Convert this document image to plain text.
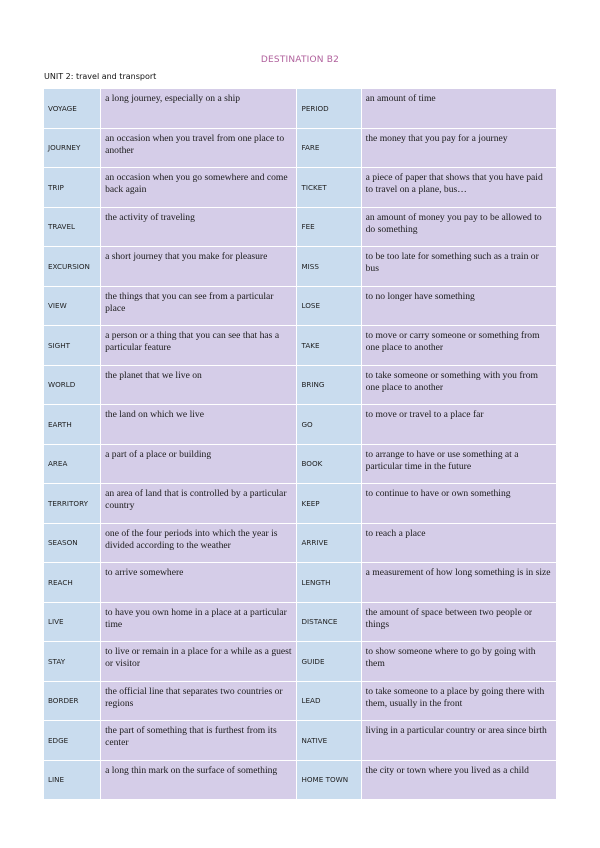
DESTINATION B2
UNIT 2: travel and transport
VOYAGE	a long journey, especially on a ship	PERIOD	an amount of time
JOURNEY	an occasion when you travel from one place to another	FARE	the money that you pay for a journey
TRIP	an occasion when you go somewhere and come back again	TICKET	a piece of paper that shows that you have paid to travel on a plane, bus…
TRAVEL	the activity of traveling	FEE	an amount of money you pay to be allowed to do something
EXCURSION	a short journey that you make for pleasure	MISS	to be too late for something such as a train or bus
VIEW	the things that you can see from a particular place	LOSE	to no longer have something
SIGHT	a person or a thing that you can see that has a particular feature	TAKE	to move or carry someone or something from one place to another
WORLD	the planet that we live on	BRING	to take someone or something with you from one place to another
EARTH	the land on which we live	GO	to move or travel to a place far
AREA	a part of a place or building	BOOK	to arrange to have or use something at a particular time in the future
TERRITORY	an area of land that is controlled by a particular country	KEEP	to continue to have or own something
SEASON	one of the four periods into which the year is divided according to the weather	ARRIVE	to reach a place
REACH	to arrive somewhere	LENGTH	a measurement of how long something is in size
LIVE	to have you own home in a place at a particular time	DISTANCE	the amount of space between two people or things
STAY	to live or remain in a place for a while as a guest or visitor	GUIDE	to show someone where to go by going with them
BORDER	the official line that separates two countries or regions	LEAD	to take someone to a place by going there with them, usually in the front
EDGE	the part of something that is furthest from its center	NATIVE	living in a particular country or area since birth
LINE	a long thin mark on the surface of something	HOME TOWN	the city or town where you lived as a child
